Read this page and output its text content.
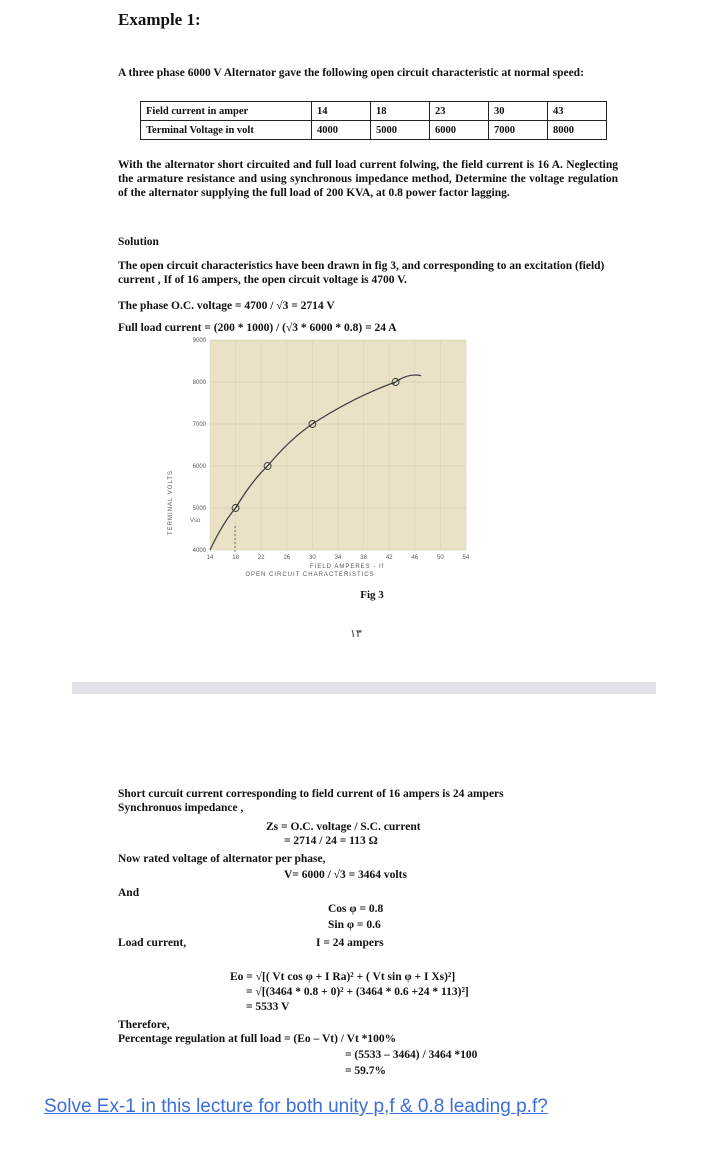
Example 1:
A three phase 6000 V Alternator gave the following open circuit characteristic at normal speed:
Field current in amper	14	18	23	30	43
Terminal Voltage in volt	4000	5000	6000	7000	8000
With the alternator short circuited and full load current folwing, the field current is 16 A. Neglecting the armature resistance and using synchronous impedance method, Determine the voltage regulation of the alternator supplying the full load of 200 KVA, at 0.8 power factor lagging.
Solution
The open circuit characteristics have been drawn in fig 3, and corresponding to an excitation (field) current , If of 16 ampers, the open circuit voltage is 4700 V.
The phase O.C. voltage = 4700 / √3 = 2714 V
Full load current = (200 * 1000) / (√3 * 6000 * 0.8) = 24 A
4000
5000
6000
7000
8000
9000
14	18	22	26	30	34	38	42	46	50	54
Vso
TERMINAL VOLTS
FIELD AMPERES - If
OPEN CIRCUIT CHARACTERISTICS
Fig 3
١٣
Short curcuit current corresponding to field current of 16 ampers is 24 ampers
Synchronuos impedance ,
Zs = O.C. voltage / S.C. current
= 2714 / 24 = 113 Ω
Now rated voltage of alternator per phase,
V= 6000 / √3 = 3464 volts
And
Cos φ = 0.8
Sin φ = 0.6
Load current,	I = 24 ampers
Eo = √[( Vt cos φ + I Ra)² + ( Vt sin φ + I Xs)²]
= √[(3464 * 0.8 + 0)² + (3464 * 0.6 +24 * 113)²]
= 5533 V
Therefore,
Percentage regulation at full load = (Eo – Vt) / Vt *100%
= (5533 – 3464) / 3464 *100
= 59.7%
Solve Ex-1 in this lecture for both unity p,f & 0.8 leading p.f?
